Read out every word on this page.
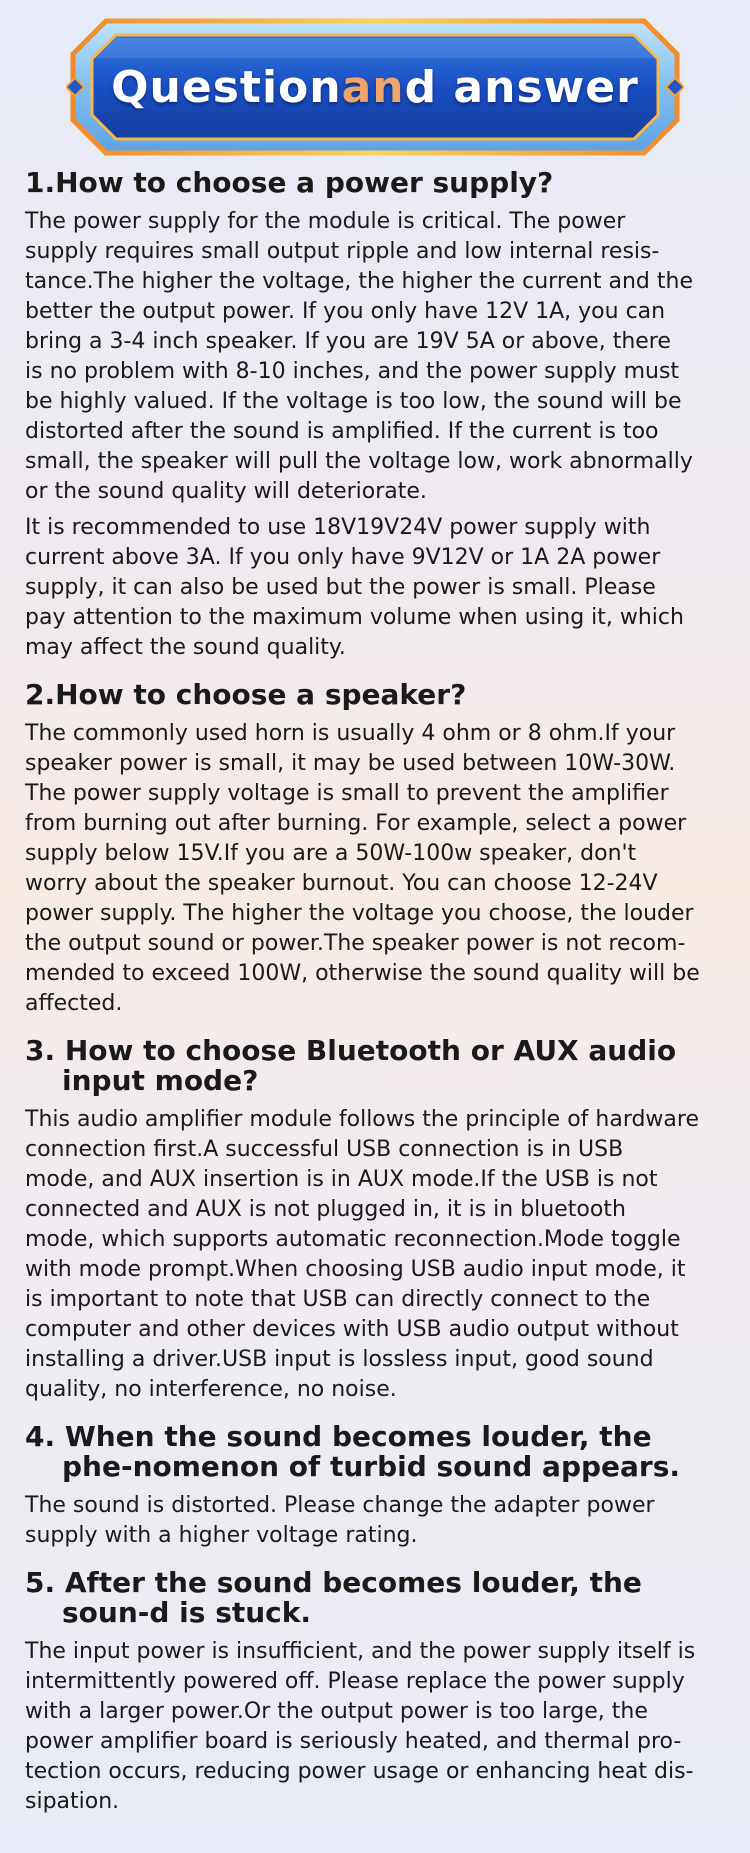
Question an d answer
1.How to choose a power supply?

The power supply for the module is critical. The power
supply requires small output ripple and low internal resis-
tance.The higher the voltage, the higher the current and the
better the output power. If you only have 12V 1A, you can
bring a 3-4 inch speaker. If you are 19V 5A or above, there
is no problem with 8-10 inches, and the power supply must
be highly valued. If the voltage is too low, the sound will be
distorted after the sound is amplified. If the current is too
small, the speaker will pull the voltage low, work abnormally
or the sound quality will deteriorate.

It is recommended to use 18V19V24V power supply with
current above 3A. If you only have 9V12V or 1A 2A power
supply, it can also be used but the power is small. Please
pay attention to the maximum volume when using it, which
may affect the sound quality.

2.How to choose a speaker?

The commonly used horn is usually 4 ohm or 8 ohm.If your
speaker power is small, it may be used between 10W-30W.
The power supply voltage is small to prevent the amplifier
from burning out after burning. For example, select a power
supply below 15V.If you are a 50W-100w speaker, don't
worry about the speaker burnout. You can choose 12-24V
power supply. The higher the voltage you choose, the louder
the output sound or power.The speaker power is not recom-
mended to exceed 100W, otherwise the sound quality will be
affected.

3. How to choose Bluetooth or AUX audio input mode?

This audio amplifier module follows the principle of hardware
connection first.A successful USB connection is in USB
mode, and AUX insertion is in AUX mode.If the USB is not
connected and AUX is not plugged in, it is in bluetooth
mode, which supports automatic reconnection.Mode toggle
with mode prompt.When choosing USB audio input mode, it
is important to note that USB can directly connect to the
computer and other devices with USB audio output without
installing a driver.USB input is lossless input, good sound
quality, no interference, no noise.

4. When the sound becomes louder, the phe-nomenon of turbid sound appears.

The sound is distorted. Please change the adapter power
supply with a higher voltage rating.

5. After the sound becomes louder, the soun-d is stuck.

The input power is insufficient, and the power supply itself is
intermittently powered off. Please replace the power supply
with a larger power.Or the output power is too large, the
power amplifier board is seriously heated, and thermal pro-
tection occurs, reducing power usage or enhancing heat dis-
sipation.
